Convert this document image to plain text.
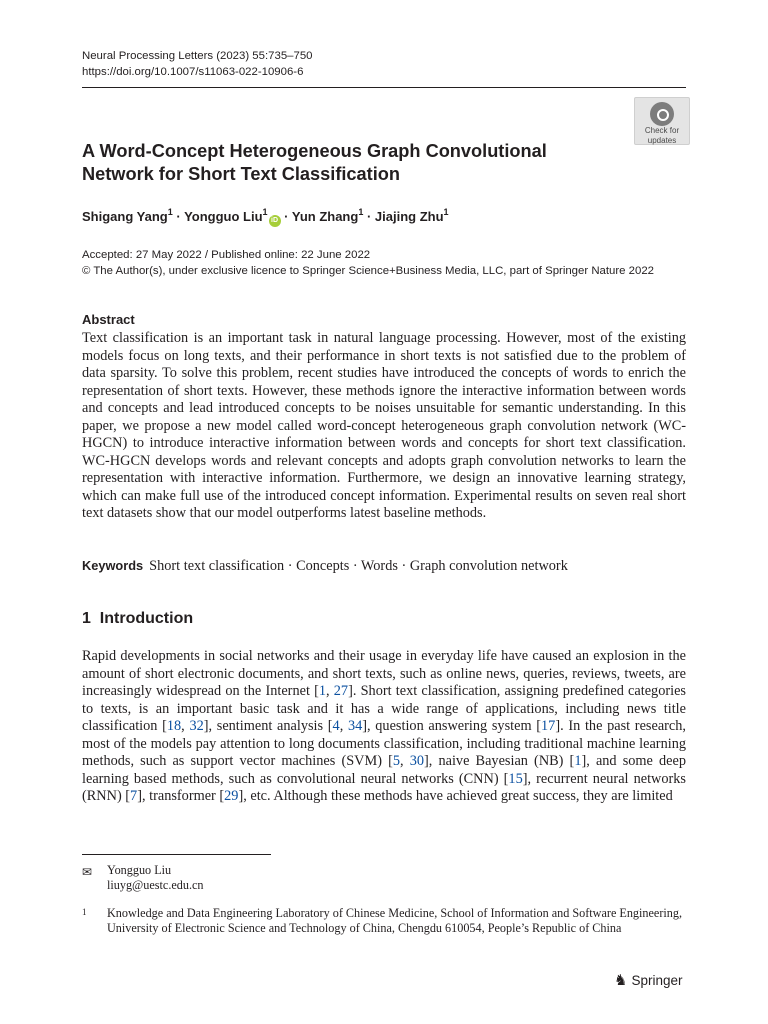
Neural Processing Letters (2023) 55:735–750
https://doi.org/10.1007/s11063-022-10906-6
Check for
updates
A Word-Concept Heterogeneous Graph Convolutional Network for Short Text Classification
Shigang Yang$^1$ · Yongguo Liu$^1$iD · Yun Zhang$^1$ · Jiajing Zhu$^1$
Accepted: 27 May 2022 / Published online: 22 June 2022
© The Author(s), under exclusive licence to Springer Science+Business Media, LLC, part of Springer Nature 2022
Abstract
Text classification is an important task in natural language processing. However, most of the existing models focus on long texts, and their performance in short texts is not satisfied due to the problem of data sparsity. To solve this problem, recent studies have introduced the concepts of words to enrich the representation of short texts. However, these methods ignore the interactive information between words and concepts and lead introduced concepts to be noises unsuitable for semantic understanding. In this paper, we propose a new model called word-concept heterogeneous graph convolution network (WC-HGCN) to introduce interactive information between words and concepts for short text classification. WC-HGCN develops words and relevant concepts and adopts graph convolution networks to learn the representation with interactive information. Furthermore, we design an innovative learning strategy, which can make full use of the introduced concept information. Experimental results on seven real short text datasets show that our model outperforms latest baseline methods.
Keywords Short text classification · Concepts · Words · Graph convolution network
1 Introduction
Rapid developments in social networks and their usage in everyday life have caused an explosion in the amount of short electronic documents, and short texts, such as online news, queries, reviews, tweets, are increasingly widespread on the Internet [1, 27]. Short text classification, assigning predefined categories to texts, is an important basic task and it has a wide range of applications, including news title classification [18, 32], sentiment analysis [4, 34], question answering system [17]. In the past research, most of the models pay attention to long documents classification, including traditional machine learning methods, such as support vector machines (SVM) [5, 30], naive Bayesian (NB) [1], and some deep learning based methods, such as convolutional neural networks (CNN) [15], recurrent neural networks (RNN) [7], transformer [29], etc. Although these methods have achieved great success, they are limited
✉ Yongguo Liu
liuyg@uestc.edu.cn
1 Knowledge and Data Engineering Laboratory of Chinese Medicine, School of Information and Software Engineering, University of Electronic Science and Technology of China, Chengdu 610054, People’s Republic of China
♞ Springer
